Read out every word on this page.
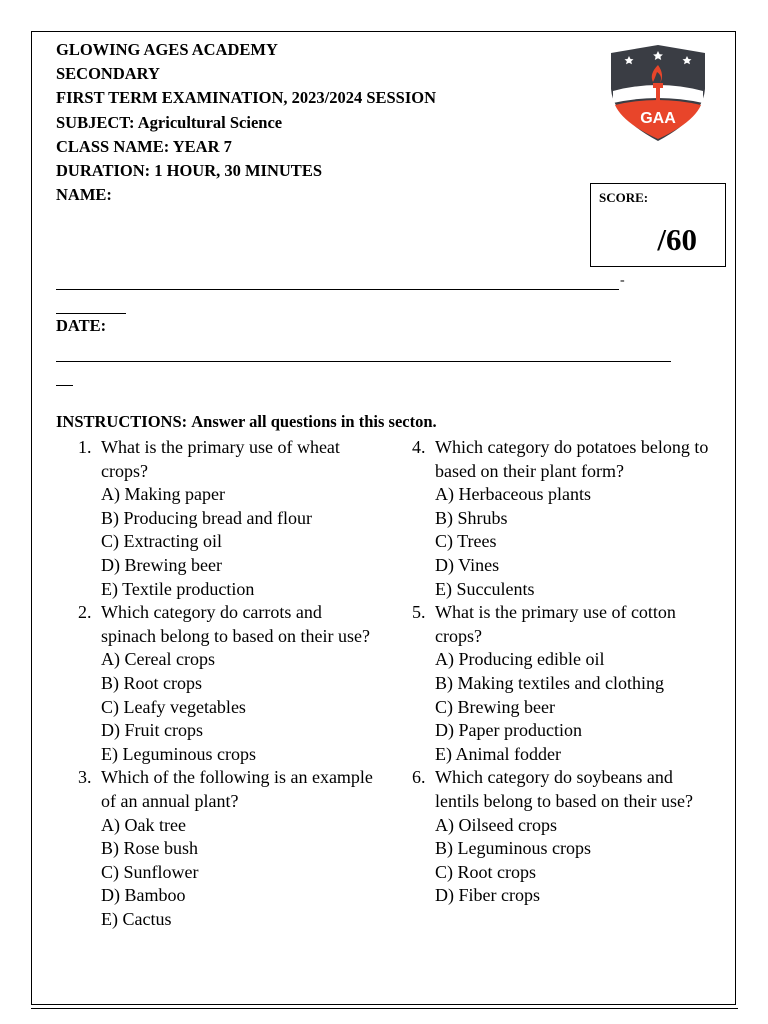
GLOWING AGES ACADEMY
SECONDARY
FIRST TERM EXAMINATION, 2023/2024 SESSION
SUBJECT: Agricultural Science
CLASS NAME: YEAR 7
DURATION: 1 HOUR, 30 MINUTES
NAME:
GAA
SCORE:
/60
-
DATE:
INSTRUCTIONS: Answer all questions in this secton.
1. What is the primary use of wheat crops?
A) Making paper
B) Producing bread and flour
C) Extracting oil
D) Brewing beer
E) Textile production
2. Which category do carrots and spinach belong to based on their use?
A) Cereal crops
B) Root crops
C) Leafy vegetables
D) Fruit crops
E) Leguminous crops
3. Which of the following is an example of an annual plant?
A) Oak tree
B) Rose bush
C) Sunflower
D) Bamboo
E) Cactus
4. Which category do potatoes belong to based on their plant form?
A) Herbaceous plants
B) Shrubs
C) Trees
D) Vines
E) Succulents
5. What is the primary use of cotton crops?
A) Producing edible oil
B) Making textiles and clothing
C) Brewing beer
D) Paper production
E) Animal fodder
6. Which category do soybeans and lentils belong to based on their use?
A) Oilseed crops
B) Leguminous crops
C) Root crops
D) Fiber crops
